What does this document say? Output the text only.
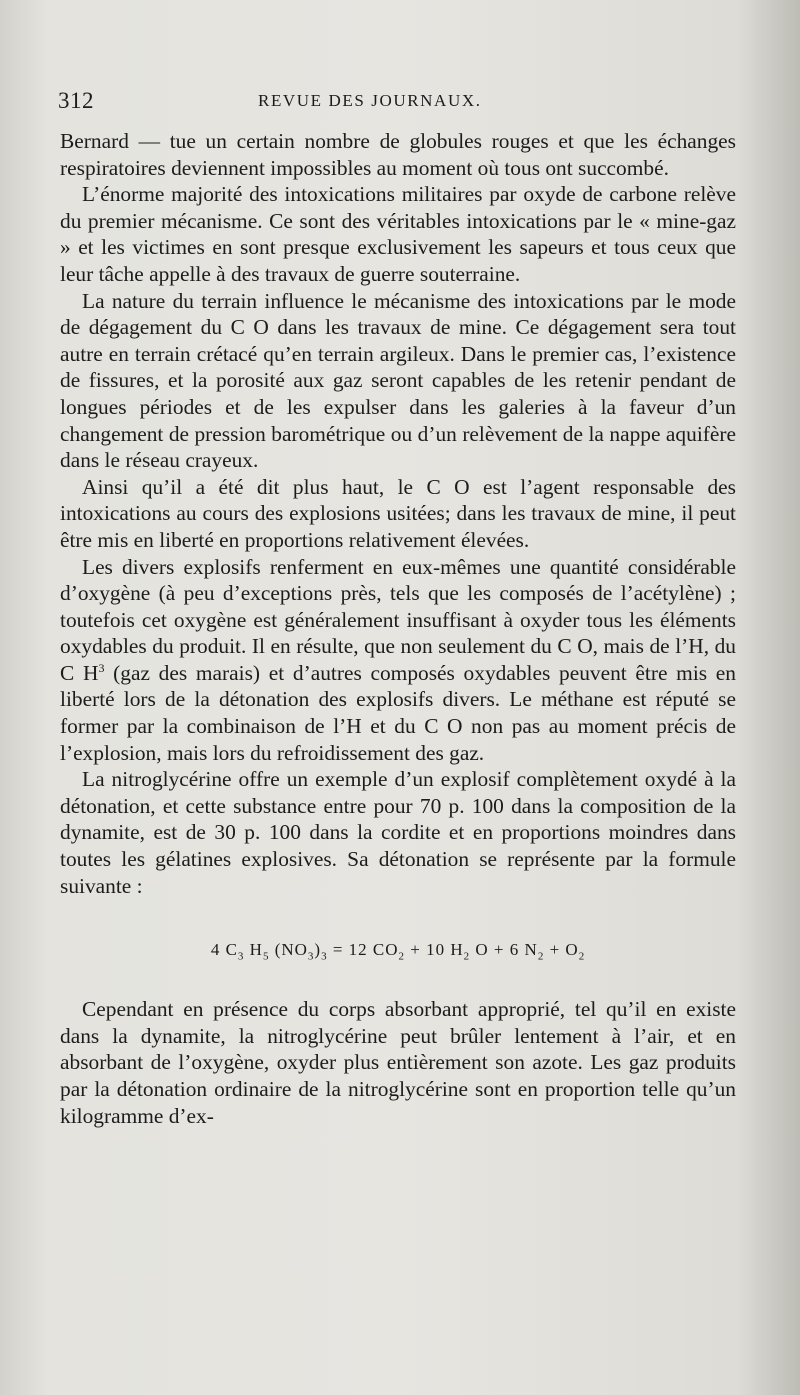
312	REVUE DES JOURNAUX.

Bernard — tue un certain nombre de globules rouges et que les échanges respiratoires deviennent impossibles au moment où tous ont succombé.

L’énorme majorité des intoxications militaires par oxyde de carbone relève du premier mécanisme. Ce sont des véritables intoxications par le « mine-gaz » et les victimes en sont presque exclusivement les sapeurs et tous ceux que leur tâche appelle à des travaux de guerre souterraine.

La nature du terrain influence le mécanisme des intoxications par le mode de dégagement du C O dans les travaux de mine. Ce dégagement sera tout autre en terrain crétacé qu’en terrain argileux. Dans le premier cas, l’existence de fissures, et la porosité aux gaz seront capables de les retenir pendant de longues périodes et de les expulser dans les galeries à la faveur d’un changement de pression barométrique ou d’un relèvement de la nappe aquifère dans le réseau crayeux.

Ainsi qu’il a été dit plus haut, le C O est l’agent responsable des intoxications au cours des explosions usitées; dans les travaux de mine, il peut être mis en liberté en proportions relativement élevées.

Les divers explosifs renferment en eux-mêmes une quantité considérable d’oxygène (à peu d’exceptions près, tels que les composés de l’acétylène) ; toutefois cet oxygène est généralement insuffisant à oxyder tous les éléments oxydables du produit. Il en résulte, que non seulement du C O, mais de l’H, du C $H^3$ (gaz des marais) et d’autres composés oxydables peuvent être mis en liberté lors de la détonation des explosifs divers. Le méthane est réputé se former par la combinaison de l’H et du C O non pas au moment précis de l’explosion, mais lors du refroidissement des gaz.

La nitroglycérine offre un exemple d’un explosif complètement oxydé à la détonation, et cette substance entre pour 70 p. 100 dans la composition de la dynamite, est de 30 p. 100 dans la cordite et en proportions moindres dans toutes les gélatines explosives. Sa détonation se représente par la formule suivante :

4 $C_3$ $H_5$ $(NO_3)_3 = 12$ $CO_2 + 10$ $H_2$ O + 6 $N_2 + O_2$

Cependant en présence du corps absorbant approprié, tel qu’il en existe dans la dynamite, la nitroglycérine peut brûler lentement à l’air, et en absorbant de l’oxygène, oxyder plus entièrement son azote. Les gaz produits par la détonation ordinaire de la nitroglycérine sont en proportion telle qu’un kilogramme d’ex-
